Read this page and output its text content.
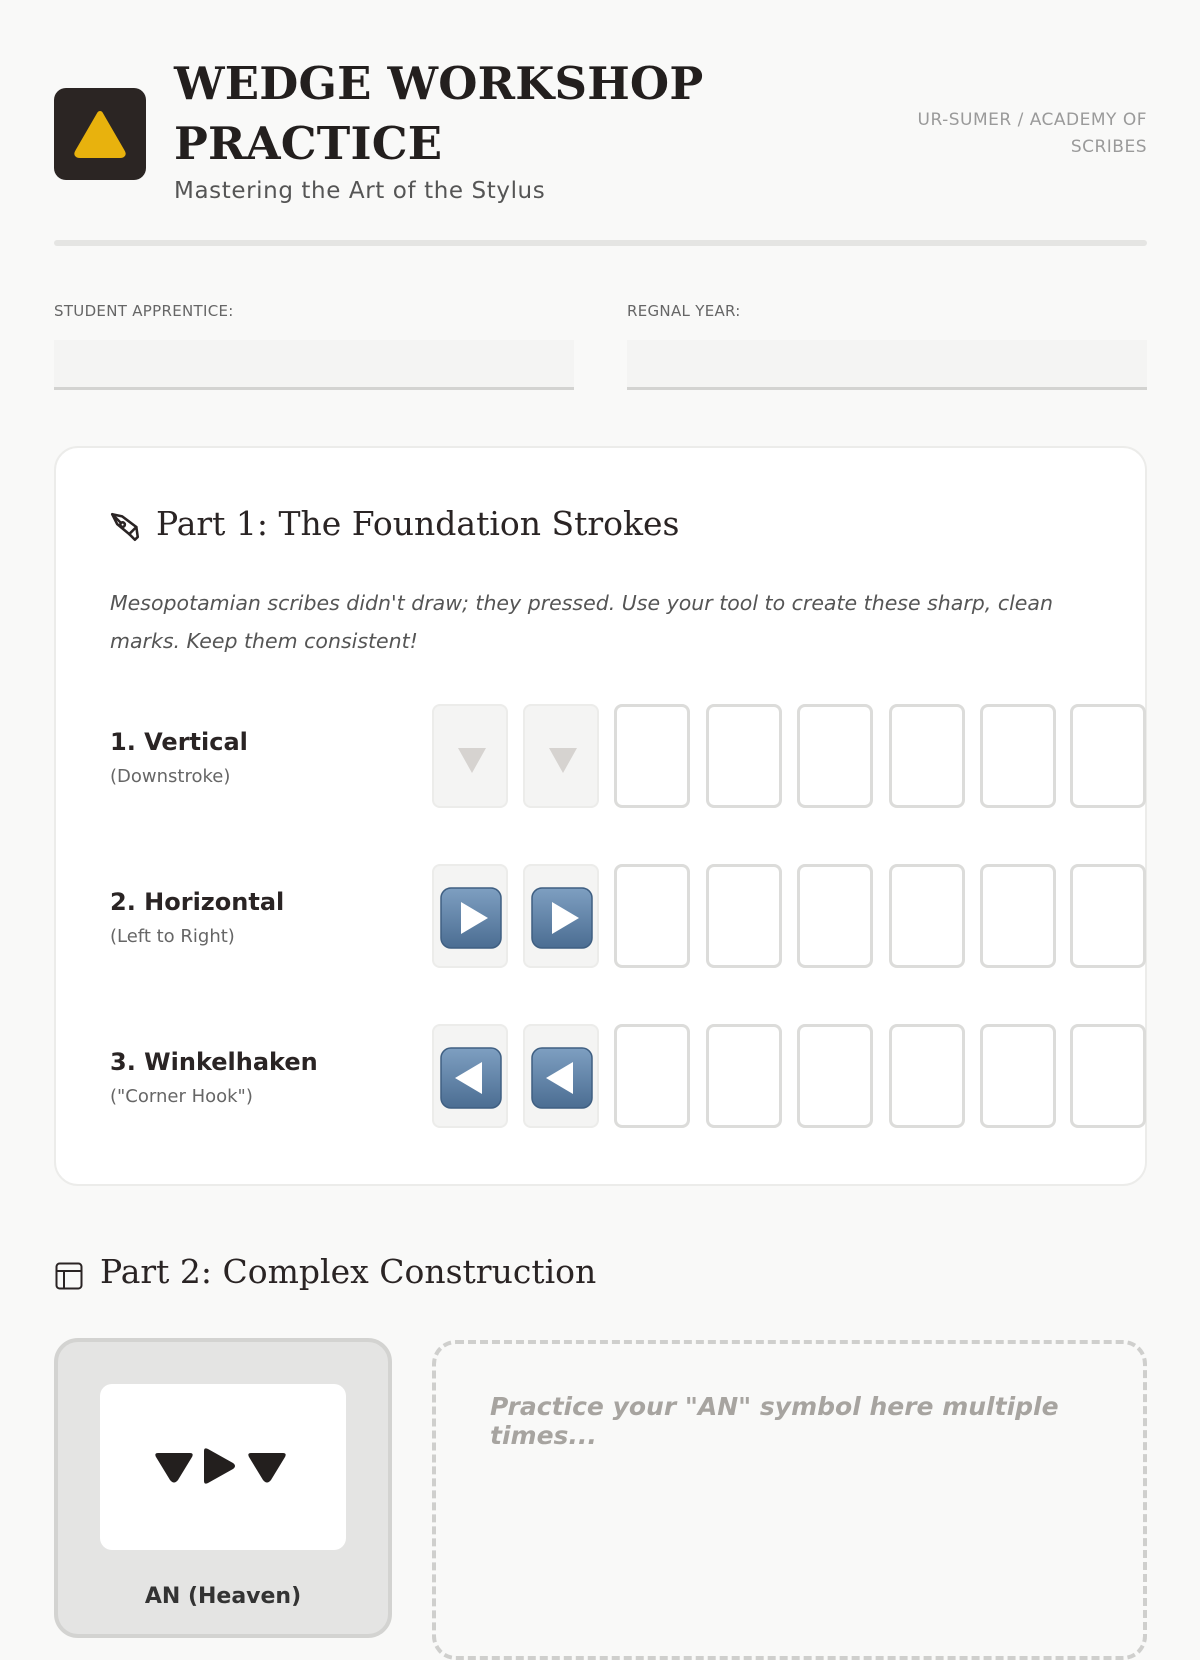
WEDGE WORKSHOP PRACTICE
Mastering the Art of the Stylus
UR-SUMER / ACADEMY OF SCRIBES
STUDENT APPRENTICE:	REGNAL YEAR:
Part 1: The Foundation Strokes
Mesopotamian scribes didn't draw; they pressed. Use your tool to create these sharp, clean marks. Keep them consistent!
1. Vertical
(Downstroke)
2. Horizontal
(Left to Right)
3. Winkelhaken
("Corner Hook")
Part 2: Complex Construction
AN (Heaven)
Practice your "AN" symbol here multiple times...
